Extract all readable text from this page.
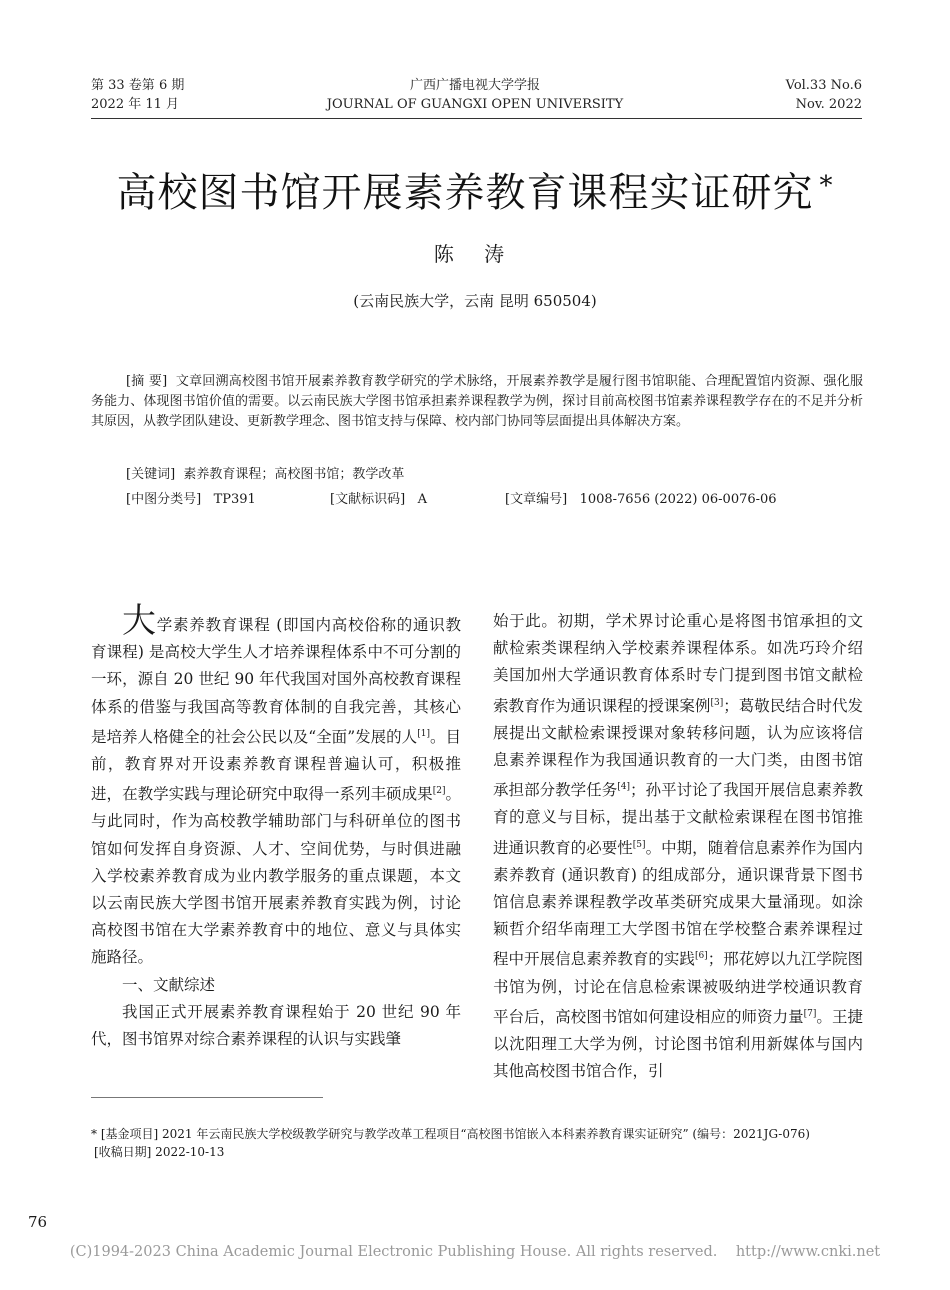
第 33 卷第 6 期
2022 年 11 月
广西广播电视大学学报
JOURNAL OF GUANGXI OPEN UNIVERSITY
Vol.33 No.6
Nov. 2022
高校图书馆开展素养教育课程实证研究 *
陈 涛
(云南民族大学，云南 昆明 650504)
[摘 要] 文章回溯高校图书馆开展素养教育教学研究的学术脉络，开展素养教学是履行图书馆职能、合理配置馆内资源、强化服务能力、体现图书馆价值的需要。以云南民族大学图书馆承担素养课程教学为例，探讨目前高校图书馆素养课程教学存在的不足并分析其原因，从教学团队建设、更新教学理念、图书馆支持与保障、校内部门协同等层面提出具体解决方案。
[关键词] 素养教育课程；高校图书馆；教学改革
[中图分类号] TP391	[文献标识码] A	[文章编号] 1008-7656 (2022) 06-0076-06

大学素养教育课程 (即国内高校俗称的通识教育课程) 是高校大学生人才培养课程体系中不可分割的一环，源自 20 世纪 90 年代我国对国外高校教育课程体系的借鉴与我国高等教育体制的自我完善，其核心是培养人格健全的社会公民以及“全面”发展的人[1]。目前，教育界对开设素养教育课程普遍认可，积极推进，在教学实践与理论研究中取得一系列丰硕成果[2]。与此同时，作为高校教学辅助部门与科研单位的图书馆如何发挥自身资源、人才、空间优势，与时俱进融入学校素养教育成为业内教学服务的重点课题，本文以云南民族大学图书馆开展素养教育实践为例，讨论高校图书馆在大学素养教育中的地位、意义与具体实施路径。

一、文献综述

我国正式开展素养教育课程始于 20 世纪 90 年代，图书馆界对综合素养课程的认识与实践肇

始于此。初期，学术界讨论重心是将图书馆承担的文献检索类课程纳入学校素养课程体系。如冼巧玲介绍美国加州大学通识教育体系时专门提到图书馆文献检索教育作为通识课程的授课案例[3]；葛敬民结合时代发展提出文献检索课授课对象转移问题，认为应该将信息素养课程作为我国通识教育的一大门类，由图书馆承担部分教学任务[4]；孙平讨论了我国开展信息素养教育的意义与目标，提出基于文献检索课程在图书馆推进通识教育的必要性[5]。中期，随着信息素养作为国内素养教育 (通识教育) 的组成部分，通识课背景下图书馆信息素养课程教学改革类研究成果大量涌现。如涂颖哲介绍华南理工大学图书馆在学校整合素养课程过程中开展信息素养教育的实践[6]；邢花婷以九江学院图书馆为例，讨论在信息检索课被吸纳进学校通识教育平台后，高校图书馆如何建设相应的师资力量[7]。王捷以沈阳理工大学为例，讨论图书馆利用新媒体与国内其他高校图书馆合作，引

* [基金项目] 2021 年云南民族大学校级教学研究与教学改革工程项目“高校图书馆嵌入本科素养教育课实证研究” (编号：2021JG-076)
[收稿日期] 2022-10-13
76
(C)1994-2023 China Academic Journal Electronic Publishing House. All rights reserved.    http://www.cnki.net
